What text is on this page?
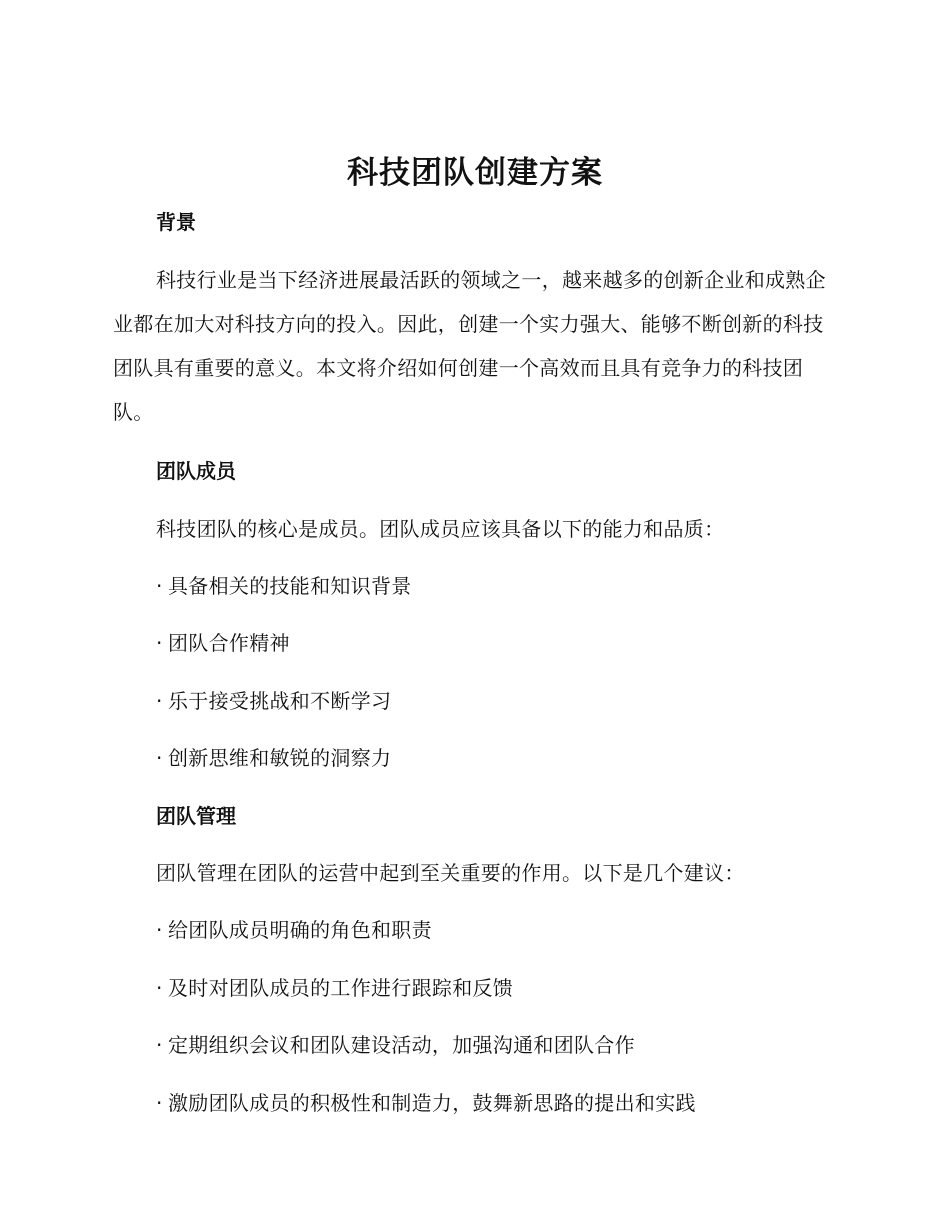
科技团队创建方案
背景

科技行业是当下经济进展最活跃的领域之一，越来越多的创新企业和成熟企业都在加大对科技方向的投入。因此，创建一个实力强大、能够不断创新的科技团队具有重要的意义。本文将介绍如何创建一个高效而且具有竞争力的科技团队。

团队成员

科技团队的核心是成员。团队成员应该具备以下的能力和品质：

· 具备相关的技能和知识背景

· 团队合作精神

· 乐于接受挑战和不断学习

· 创新思维和敏锐的洞察力

团队管理

团队管理在团队的运营中起到至关重要的作用。以下是几个建议：

· 给团队成员明确的角色和职责

· 及时对团队成员的工作进行跟踪和反馈

· 定期组织会议和团队建设活动，加强沟通和团队合作

· 激励团队成员的积极性和制造力，鼓舞新思路的提出和实践
